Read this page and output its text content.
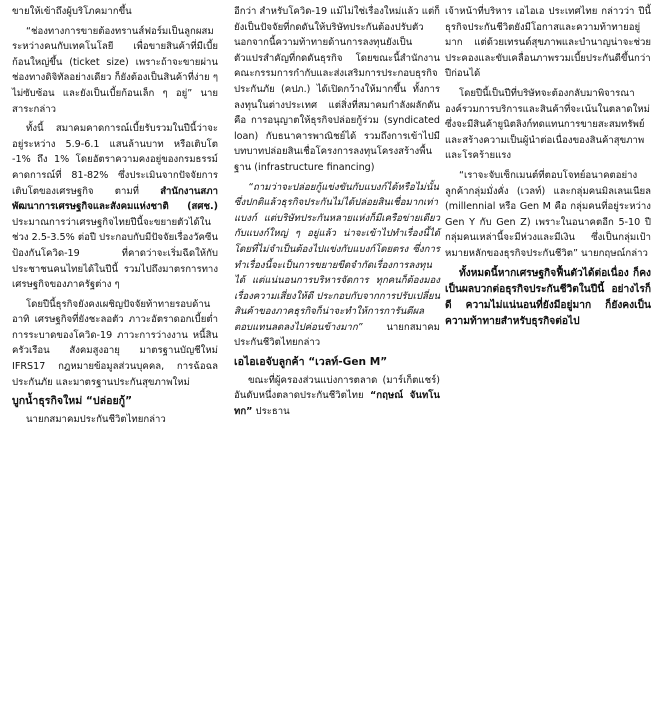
ขายให้เข้าถึงผู้บริโภคมากขึ้น

“ช่องทางการขายต้องทรานส์ฟอร์มเป็นลูกผสม ระหว่างคนกับเทคโนโลยี เพื่อขายสินค้าที่มีเบี้ยก้อนใหญ่ขึ้น (ticket size) เพราะถ้าจะขายผ่านช่องทางดิจิทัลอย่างเดียว ก็ยังต้องเป็นสินค้าที่ง่าย ๆ ไม่ซับซ้อน และยังเป็นเบี้ยก้อนเล็ก ๆ อยู่” นายสาระกล่าว

ทั้งนี้ สมาคมคาดการณ์เบี้ยรับรวมในปีนี้ว่าจะอยู่ระหว่าง 5.9-6.1 แสนล้านบาท หรือเติบโต -1% ถึง 1% โดยอัตราความคงอยู่ของกรมธรรม์คาดการณ์ที่ 81-82% ซึ่งประเมินจากปัจจัยการเติบโตของเศรษฐกิจ ตามที่ สำนักงานสภาพัฒนาการเศรษฐกิจและสังคมแห่งชาติ (สศช.) ประมาณการว่าเศรษฐกิจไทยปีนี้จะขยายตัวได้ในช่วง 2.5-3.5% ต่อปี ประกอบกับมีปัจจัยเรื่องวัคซีนป้องกันโควิด-19 ที่คาดว่าจะเริ่มฉีดให้กับประชาชนคนไทยได้ในปีนี้ รวมไปถึงมาตรการทางเศรษฐกิจของภาครัฐต่าง ๆ

โดยปีนี้ธุรกิจยังคงเผชิญปัจจัยท้าทายรอบด้าน อาทิ เศรษฐกิจที่ยังชะลอตัว ภาวะอัตราดอกเบี้ยต่ำ การระบาดของโควิด-19 ภาวะการว่างงาน หนี้สินครัวเรือน สังคมสูงอายุ มาตรฐานบัญชีใหม่ IFRS17 กฎหมายข้อมูลส่วนบุคคล, การฉ้อฉลประกันภัย และมาตรฐานประกันสุขภาพใหม่

บูกน้ำธุรกิจใหม่ “ปล่อยกู้”

นายกสมาคมประกันชีวิตไทยกล่าว

อีกว่า สำหรับโควิด-19 แม้ไม่ใช่เรื่องใหม่แล้ว แต่ก็ยังเป็นปัจจัยที่กดดันให้บริษัทประกันต้องปรับตัว นอกจากนี้ความท้าทายด้านการลงทุนยังเป็นตัวแปรสำคัญที่กดดันธุรกิจ โดยขณะนี้สำนักงานคณะกรรมการกำกับและส่งเสริมการประกอบธุรกิจประกันภัย (คปภ.) ได้เปิดกว้างให้มากขึ้น ทั้งการลงทุนในต่างประเทศ แต่สิ่งที่สมาคมกำลังผลักดันคือ การอนุญาตให้ธุรกิจปล่อยกู้ร่วม (syndicated loan) กับธนาคารพาณิชย์ได้ รวมถึงการเข้าไปมีบทบาทปล่อยสินเชื่อโครงการลงทุนโครงสร้างพื้นฐาน (infrastructure financing)

“ถามว่าจะปล่อยกู้แข่งขันกับแบงก์ได้หรือไม่นั้น ซึ่งปกติแล้วธุรกิจประกันไม่ได้ปล่อยสินเชื่อมากเท่าแบงก์ แต่บริษัทประกันหลายแห่งก็มีเครือข่ายเดียวกับแบงก์ใหญ่ ๆ อยู่แล้ว น่าจะเข้าไปทำเรื่องนี้ได้ โดยที่ไม่จำเป็นต้องไปแข่งกับแบงก์โดยตรง ซึ่งการทำเรื่องนี้จะเป็นการขยายขีดจำกัดเรื่องการลงทุนได้ แต่แน่นอนการบริหารจัดการ ทุกคนก็ต้องมองเรื่องความเสี่ยงให้ดี ประกอบกับจากการปรับเปลี่ยนสินค้าของภาคธุรกิจก็น่าจะทำให้การการันตีผลตอบแทนลดลงไปค่อนข้างมาก” นายกสมาคมประกันชีวิตไทยกล่าว

เอไอเอจับลูกค้า “เวลท์-Gen M”

ขณะที่ผู้ครองส่วนแบ่งการตลาด (มาร์เก็ตแชร์) อันดับหนึ่งตลาดประกันชีวิตไทย “กฤษณ์ จันทโนทก” ประธาน

เจ้าหน้าที่บริหาร เอไอเอ ประเทศไทย กล่าวว่า ปีนี้ธุรกิจประกันชีวิตยังมีโอกาสและความท้าทายอยู่มาก แต่ด้วยเทรนด์สุขภาพและบำนาญน่าจะช่วยประคองและขับเคลื่อนภาพรวมเบี้ยประกันดีขึ้นกว่าปีก่อนได้

โดยปีนี้เป็นปีที่บริษัทจะต้องกลับมาพิจารณาองค์รวมการบริการและสินค้าที่จะเน้นในตลาดใหม่ ซึ่งจะมีสินค้ายูนิตลิงก์ทดแทนการขายสะสมทรัพย์และสร้างความเป็นผู้นำต่อเนื่องของสินค้าสุขภาพและโรคร้ายแรง

“เราจะจับเซ็กเมนต์ที่ตอบโจทย์อนาคตอย่างลูกค้ากลุ่มมั่งคั่ง (เวลท์) และกลุ่มคนมิลเลนเนียล (millennial หรือ Gen M คือ กลุ่มคนที่อยู่ระหว่าง Gen Y กับ Gen Z) เพราะในอนาคตอีก 5-10 ปี กลุ่มคนเหล่านี้จะมีห่วงและมีเงิน ซึ่งเป็นกลุ่มเป้าหมายหลักของธุรกิจประกันชีวิต” นายกฤษณ์กล่าว

ทั้งหมดนี้หากเศรษฐกิจฟื้นตัวได้ต่อเนื่อง ก็คงเป็นผลบวกต่อธุรกิจประกันชีวิตในปีนี้ อย่างไรก็ดี ความไม่แน่นอนที่ยังมีอยู่มาก ก็ยังคงเป็นความท้าทายสำหรับธุรกิจต่อไป
